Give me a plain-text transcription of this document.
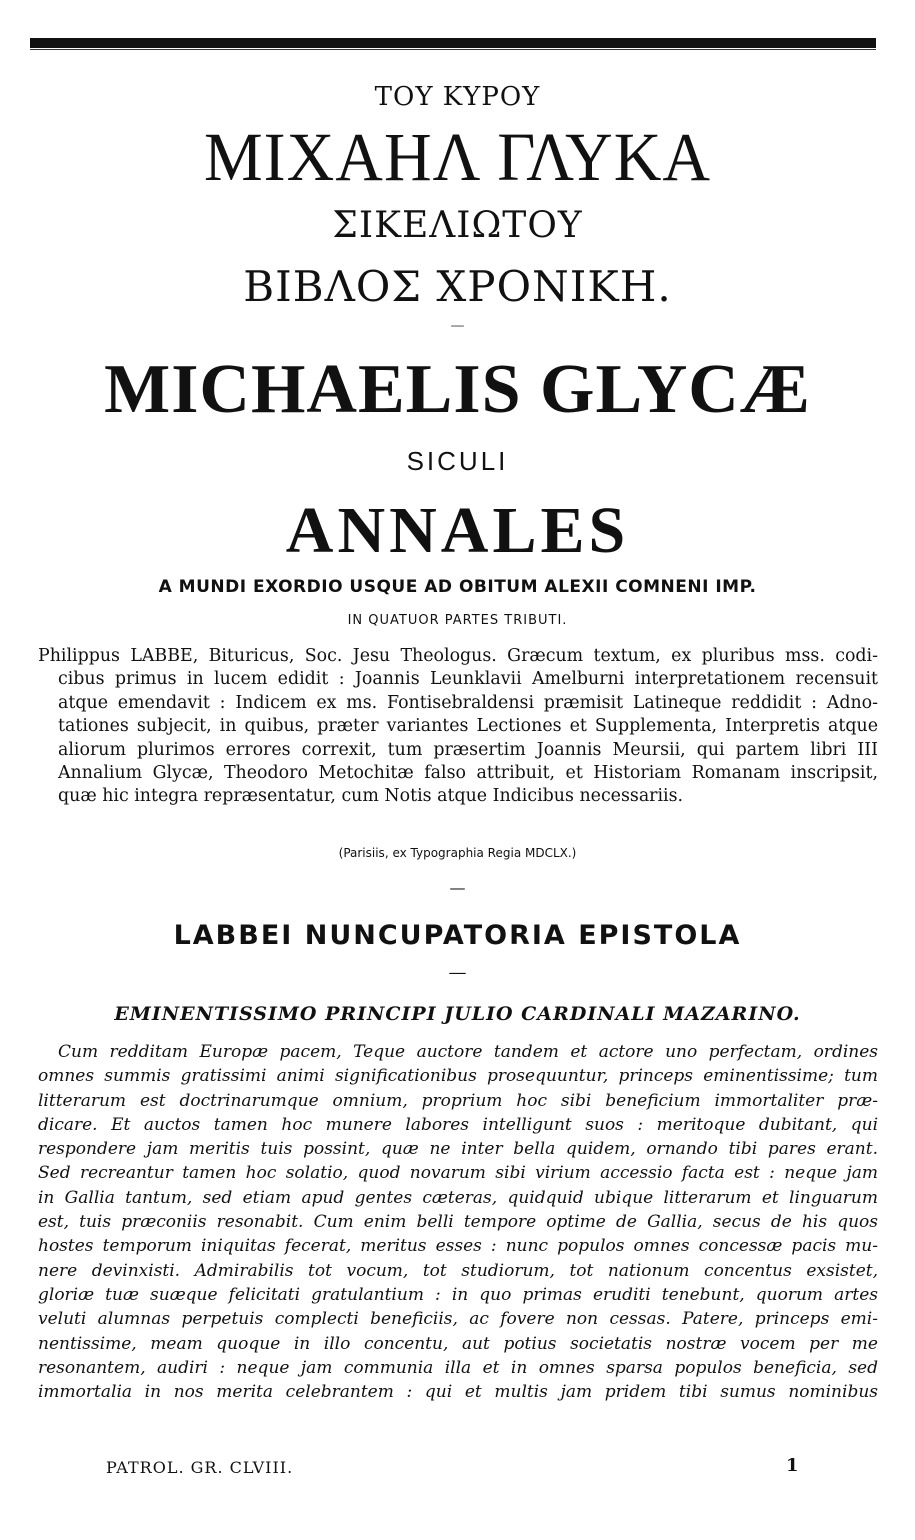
ΤΟΥ ΚΥΡΟΥ
ΜΙΧΑΗΛ ΓΛΥΚΑ
ΣΙΚΕΛΙΩΤΟΥ
ΒΙΒΛΟΣ ΧΡΟΝΙΚΗ.
—
MICHAELIS GLYCÆ
SICULI
ANNALES
A MUNDI EXORDIO USQUE AD OBITUM ALEXII COMNENI IMP.
IN QUATUOR PARTES TRIBUTI.
Philippus LABBE, Bituricus, Soc. Jesu Theologus. Græcum textum, ex pluribus mss. codi-
cibus primus in lucem edidit : Joannis Leunklavii Amelburni interpretationem recensuit
atque emendavit : Indicem ex ms. Fontisebraldensi præmisit Latineque reddidit : Adno-
tationes subjecit, in quibus, præter variantes Lectiones et Supplementa, Interpretis atque
aliorum plurimos errores correxit, tum præsertim Joannis Meursii, qui partem libri III
Annalium Glycæ, Theodoro Metochitæ falso attribuit, et Historiam Romanam inscripsit,
quæ hic integra repræsentatur, cum Notis atque Indicibus necessariis.
(Parisiis, ex Typographia Regia MDCLX.)
—
LABBEI NUNCUPATORIA EPISTOLA
—
EMINENTISSIMO PRINCIPI JULIO CARDINALI MAZARINO.
Cum redditam Europæ pacem, Teque auctore tandem et actore uno perfectam, ordines
omnes summis gratissimi animi significationibus prosequuntur, princeps eminentissime; tum
litterarum est doctrinarumque omnium, proprium hoc sibi beneficium immortaliter præ-
dicare. Et auctos tamen hoc munere labores intelligunt suos : meritoque dubitant, qui
respondere jam meritis tuis possint, quæ ne inter bella quidem, ornando tibi pares erant.
Sed recreantur tamen hoc solatio, quod novarum sibi virium accessio facta est : neque jam
in Gallia tantum, sed etiam apud gentes cæteras, quidquid ubique litterarum et linguarum
est, tuis præconiis resonabit. Cum enim belli tempore optime de Gallia, secus de his quos
hostes temporum iniquitas fecerat, meritus esses : nunc populos omnes concessæ pacis mu-
nere devinxisti. Admirabilis tot vocum, tot studiorum, tot nationum concentus exsistet,
gloriæ tuæ suæque felicitati gratulantium : in quo primas eruditi tenebunt, quorum artes
veluti alumnas perpetuis complecti beneficiis, ac fovere non cessas. Patere, princeps emi-
nentissime, meam quoque in illo concentu, aut potius societatis nostræ vocem per me
resonantem, audiri : neque jam communia illa et in omnes sparsa populos beneficia, sed
immortalia in nos merita celebrantem : qui et multis jam pridem tibi sumus nominibus
PATROL. GR. CLVIII.	1
